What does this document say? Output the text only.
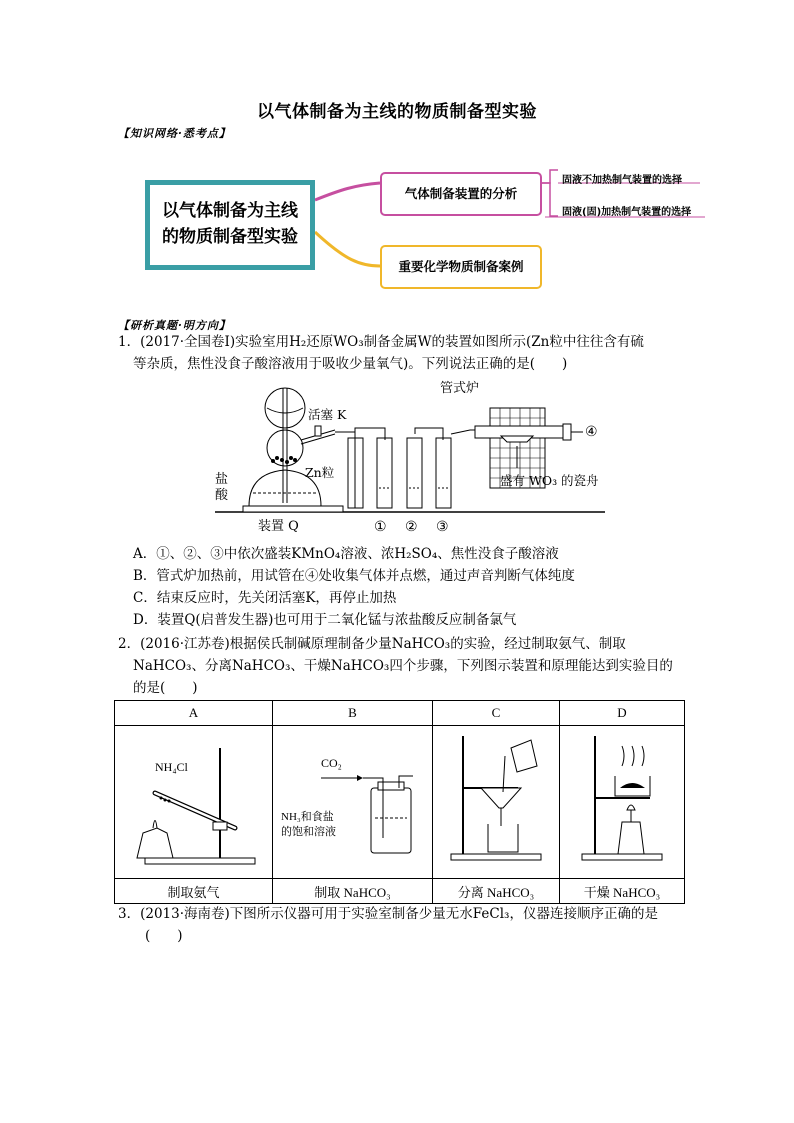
以气体制备为主线的物质制备型实验
【知识网络·悉考点】
以气体制备为主线
的物质制备型实验
气体制备装置的分析
固液不加热制气装置的选择
固液(固)加热制气装置的选择
重要化学物质制备案例
【研析真题·明方向】
1．(2017·全国卷Ⅰ)实验室用H₂还原WO₃制备金属W的装置如图所示(Zn粒中往往含有硫
等杂质，焦性没食子酸溶液用于吸收少量氧气)。下列说法正确的是(　　)
管式炉
活塞 K
Zn粒
盐
酸
盛有 WO₃ 的瓷舟
装置 Q	① ② ③
④
A．①、②、③中依次盛装KMnO₄溶液、浓H₂SO₄、焦性没食子酸溶液
B．管式炉加热前，用试管在④处收集气体并点燃，通过声音判断气体纯度
C．结束反应时，先关闭活塞K，再停止加热
D．装置Q(启普发生器)也可用于二氧化锰与浓盐酸反应制备氯气
2．(2016·江苏卷)根据侯氏制碱原理制备少量NaHCO₃的实验，经过制取氨气、制取
NaHCO₃、分离NaHCO₃、干燥NaHCO₃四个步骤，下列图示装置和原理能达到实验目的
的是(　　)
A	B	C	D

NH₄Cl	CO₂
NH₃和食盐
的饱和溶液

制取氨气	制取 NaHCO₃	分离 NaHCO₃	干燥 NaHCO₃
3．(2013·海南卷)下图所示仪器可用于实验室制备少量无水FeCl₃，仪器连接顺序正确的是
(　　)
